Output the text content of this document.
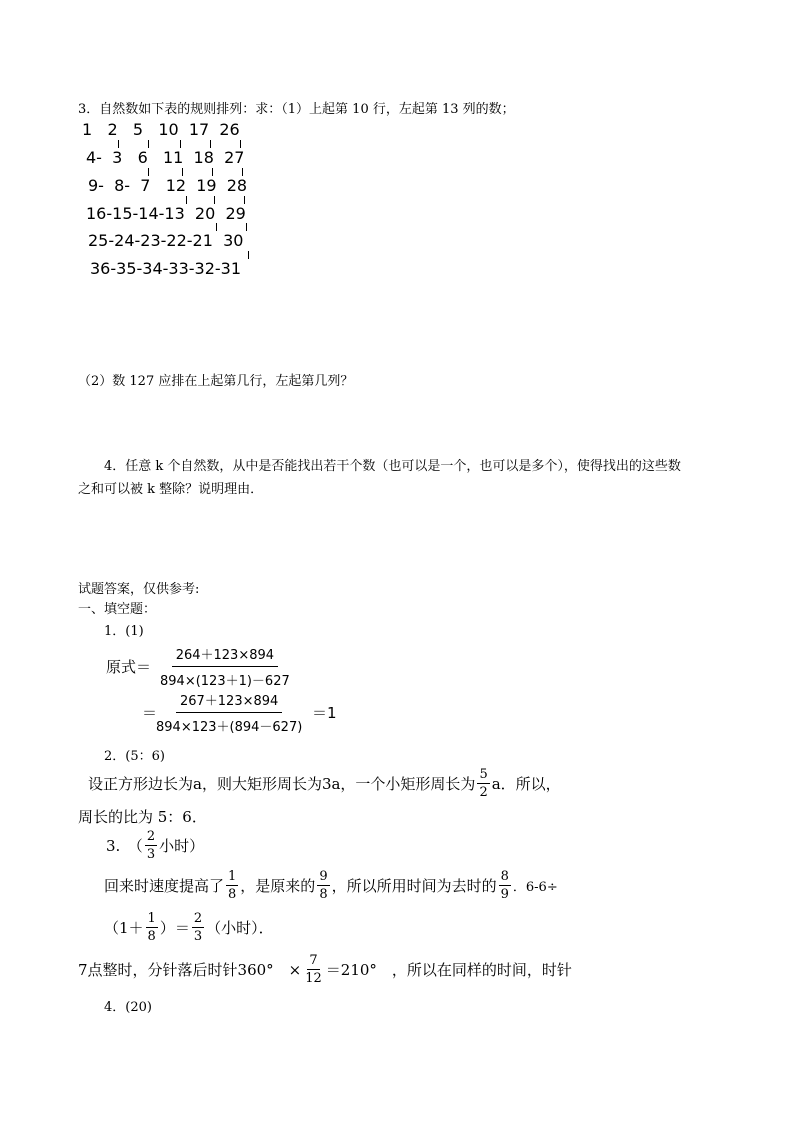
3．自然数如下表的规则排列：求：（1）上起第 10 行，左起第 13 列的数；
1   2   5   10  17  26
4-  3   6   11  18  27
9-  8-  7   12  19  28
16-15-14-13  20  29
25-24-23-22-21  30
36-35-34-33-32-31
（2）数 127 应排在上起第几行，左起第几列？
4．任意 k 个自然数，从中是否能找出若干个数（也可以是一个，也可以是多个），使得找出的这些数
之和可以被 k 整除？说明理由．
试题答案，仅供参考:
一、填空题：
1．(1)
原式＝ $\frac{264+123\times 894}{894\times(123+1)-627}$
＝
$\frac{267+123\times 894}{894\times 123+(894-627)} =1$
2．(5：6)
设正方形边长为a，则大矩形周长为3a，一个小矩形周长为 $\frac{5}{2}$ a．所以，
周长的比为 5：6．
3.　（ $\frac{2}{3}$ 小时）
回来时速度提高了 $\frac{1}{8}$ ，是原来的 $\frac{9}{8}$ ，所以所用时间为去时的 $\frac{8}{9}$ ．6-6÷
（$1+ \frac{1}{8}$ ）＝ $\frac{2}{3}$ （小时）．
7点整时，分针落后时针360°　× $\frac{7}{12} =210^\circ$　，所以在同样的时间，时针
4．(20)
